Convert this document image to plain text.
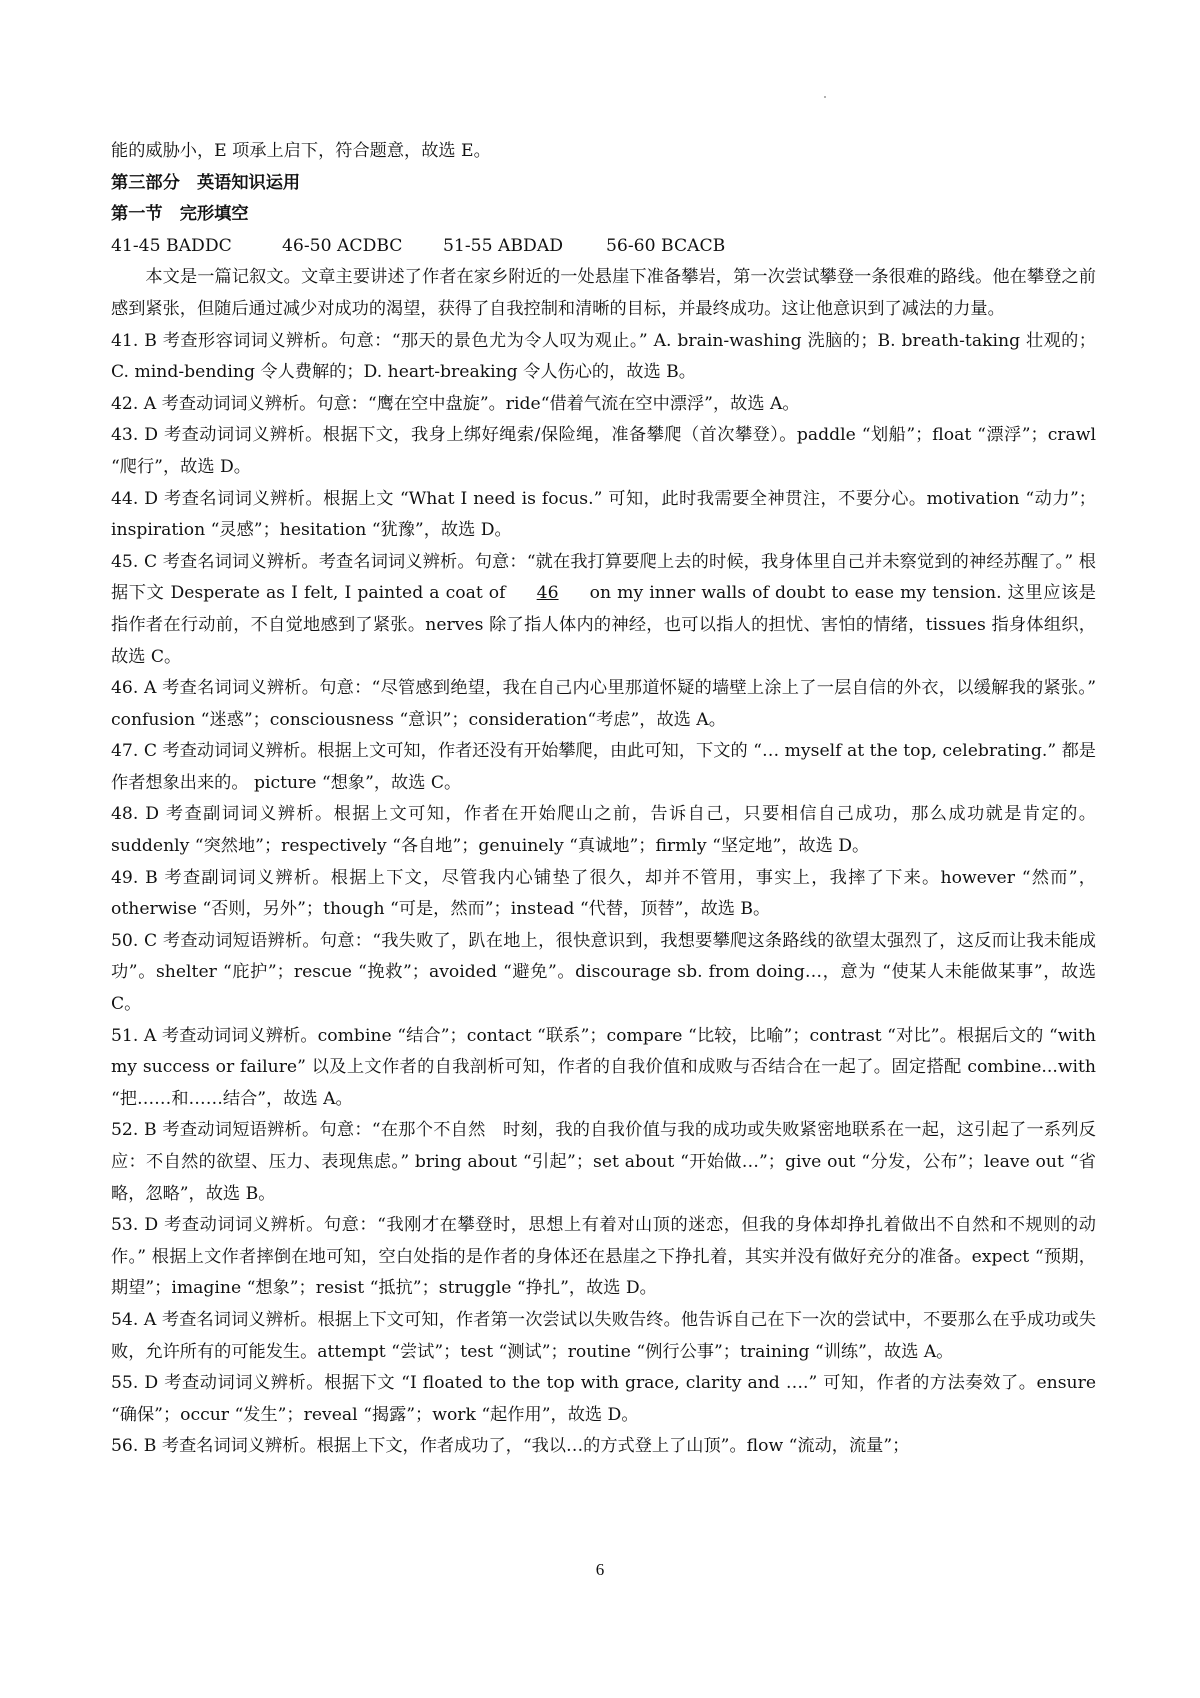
能的威胁小，E 项承上启下，符合题意，故选 E。
第三部分　英语知识运用
第一节　完形填空
41-45 BADDC	46-50 ACDBC	51-55 ABDAD	56-60 BCACB

本文是一篇记叙文。文章主要讲述了作者在家乡附近的一处悬崖下准备攀岩，第一次尝试攀登一条很难的路线。他在攀登之前感到紧张，但随后通过减少对成功的渴望，获得了自我控制和清晰的目标，并最终成功。这让他意识到了减法的力量。

41. B 考查形容词词义辨析。句意：“那天的景色尤为令人叹为观止。” A. brain-washing 洗脑的；B. breath-taking 壮观的；C. mind-bending 令人费解的；D. heart-breaking 令人伤心的，故选 B。

42. A 考查动词词义辨析。句意：“鹰在空中盘旋”。ride“借着气流在空中漂浮”，故选 A。

43. D 考查动词词义辨析。根据下文，我身上绑好绳索/保险绳，准备攀爬（首次攀登）。paddle “划船”；float “漂浮”；crawl “爬行”，故选 D。

44. D 考查名词词义辨析。根据上文 “What I need is focus.” 可知，此时我需要全神贯注，不要分心。motivation “动力”；inspiration “灵感”；hesitation “犹豫”，故选 D。

45. C 考查名词词义辨析。考查名词词义辨析。句意：“就在我打算要爬上去的时候，我身体里自己并未察觉到的神经苏醒了。” 根据下文 Desperate as I felt, I painted a coat of 46 on my inner walls of doubt to ease my tension. 这里应该是指作者在行动前，不自觉地感到了紧张。nerves 除了指人体内的神经，也可以指人的担忧、害怕的情绪，tissues 指身体组织，故选 C。

46. A 考查名词词义辨析。句意：“尽管感到绝望，我在自己内心里那道怀疑的墙壁上涂上了一层自信的外衣，以缓解我的紧张。” confusion “迷惑”；consciousness “意识”；consideration“考虑”，故选 A。

47. C 考查动词词义辨析。根据上文可知，作者还没有开始攀爬，由此可知，下文的 “… myself at the top, celebrating.” 都是作者想象出来的。 picture “想象”，故选 C。

48. D 考查副词词义辨析。根据上文可知，作者在开始爬山之前，告诉自己，只要相信自己成功，那么成功就是肯定的。suddenly “突然地”；respectively “各自地”；genuinely “真诚地”；firmly “坚定地”，故选 D。

49. B 考查副词词义辨析。根据上下文，尽管我内心铺垫了很久，却并不管用，事实上，我摔了下来。however “然而”，otherwise “否则，另外”；though “可是，然而”；instead “代替，顶替”，故选 B。

50. C 考查动词短语辨析。句意：“我失败了，趴在地上，很快意识到，我想要攀爬这条路线的欲望太强烈了，这反而让我未能成功”。shelter “庇护”；rescue “挽救”；avoided “避免”。discourage sb. from doing…，意为 “使某人未能做某事”，故选 C。

51. A 考查动词词义辨析。combine “结合”；contact “联系”；compare “比较，比喻”；contrast “对比”。根据后文的 “with my success or failure” 以及上文作者的自我剖析可知，作者的自我价值和成败与否结合在一起了。固定搭配 combine...with “把……和……结合”，故选 A。

52. B 考查动词短语辨析。句意：“在那个不自然　时刻，我的自我价值与我的成功或失败紧密地联系在一起，这引起了一系列反应：不自然的欲望、压力、表现焦虑。” bring about “引起”；set about “开始做…”；give out “分发，公布”；leave out “省略，忽略”，故选 B。

53. D 考查动词词义辨析。句意：“我刚才在攀登时，思想上有着对山顶的迷恋，但我的身体却挣扎着做出不自然和不规则的动作。” 根据上文作者摔倒在地可知，空白处指的是作者的身体还在悬崖之下挣扎着，其实并没有做好充分的准备。expect “预期，期望”；imagine “想象”；resist “抵抗”；struggle “挣扎”，故选 D。

54. A 考查名词词义辨析。根据上下文可知，作者第一次尝试以失败告终。他告诉自己在下一次的尝试中，不要那么在乎成功或失败，允许所有的可能发生。attempt “尝试”；test “测试”；routine “例行公事”；training “训练”，故选 A。

55. D 考查动词词义辨析。根据下文 “I floated to the top with grace, clarity and ….” 可知，作者的方法奏效了。ensure “确保”；occur “发生”；reveal “揭露”；work “起作用”，故选 D。

56. B 考查名词词义辨析。根据上下文，作者成功了，“我以…的方式登上了山顶”。flow “流动，流量”；

6
